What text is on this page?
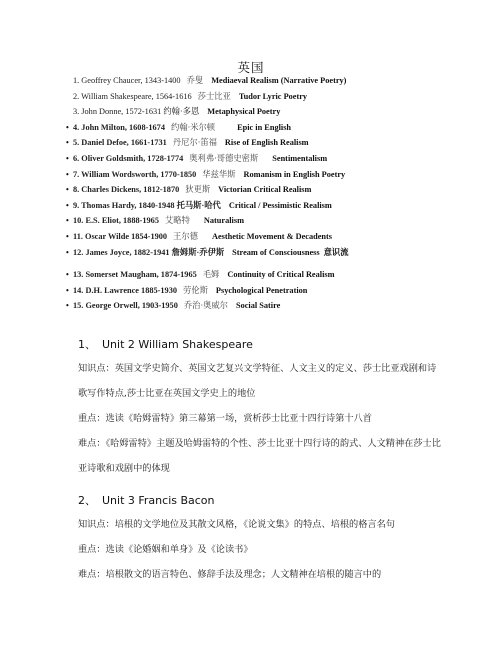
英国
1. Geoffrey Chaucer, 1343-1400 乔叟 Mediaeval Realism (Narrative Poetry)
2. William Shakespeare, 1564-1616 莎士比亚 Tudor Lyric Poetry
3. John Donne, 1572-1631 约翰·多恩 Metaphysical Poetry
• 4. John Milton, 1608-1674 约翰·米尔顿	Epic in English
• 5. Daniel Defoe, 1661-1731 丹尼尔·笛福 Rise of English Realism
• 6. Oliver Goldsmith, 1728-1774 奥利弗·哥德史密斯 Sentimentalism
• 7. William Wordsworth, 1770-1850 华兹华斯 Romanism in English Poetry
• 8. Charles Dickens, 1812-1870 狄更斯 Victorian Critical Realism
• 9. Thomas Hardy, 1840-1948 托马斯·哈代 Critical / Pessimistic Realism
• 10. E.S. Eliot, 1888-1965 艾略特 Naturalism
• 11. Oscar Wilde 1854-1900 王尔德 Aesthetic Movement & Decadents
• 12. James Joyce, 1882-1941 詹姆斯·乔伊斯 Stream of Consciousness 意识流
• 13. Somerset Maugham, 1874-1965 毛姆 Continuity of Critical Realism
• 14. D.H. Lawrence 1885-1930 劳伦斯 Psychological Penetration
• 15. George Orwell, 1903-1950 乔治·奥威尔 Social Satire
1、 Unit 2 William Shakespeare
知识点：英国文学史简介、英国文艺复兴文学特征、人文主义的定义、莎士比亚戏剧和诗歌写作特点,莎士比亚在英国文学史上的地位
重点：选读《哈姆雷特》第三幕第一场，赏析莎士比亚十四行诗第十八首
难点：《哈姆雷特》主题及哈姆雷特的个性、莎士比亚十四行诗的韵式、人文精神在莎士比亚诗歌和戏剧中的体现
2、 Unit 3 Francis Bacon
知识点：培根的文学地位及其散文风格，《论说文集》的特点、培根的格言名句
重点：选读《论婚姻和单身》及《论读书》
难点：培根散文的语言特色、修辞手法及理念；人文精神在培根的随言中的
